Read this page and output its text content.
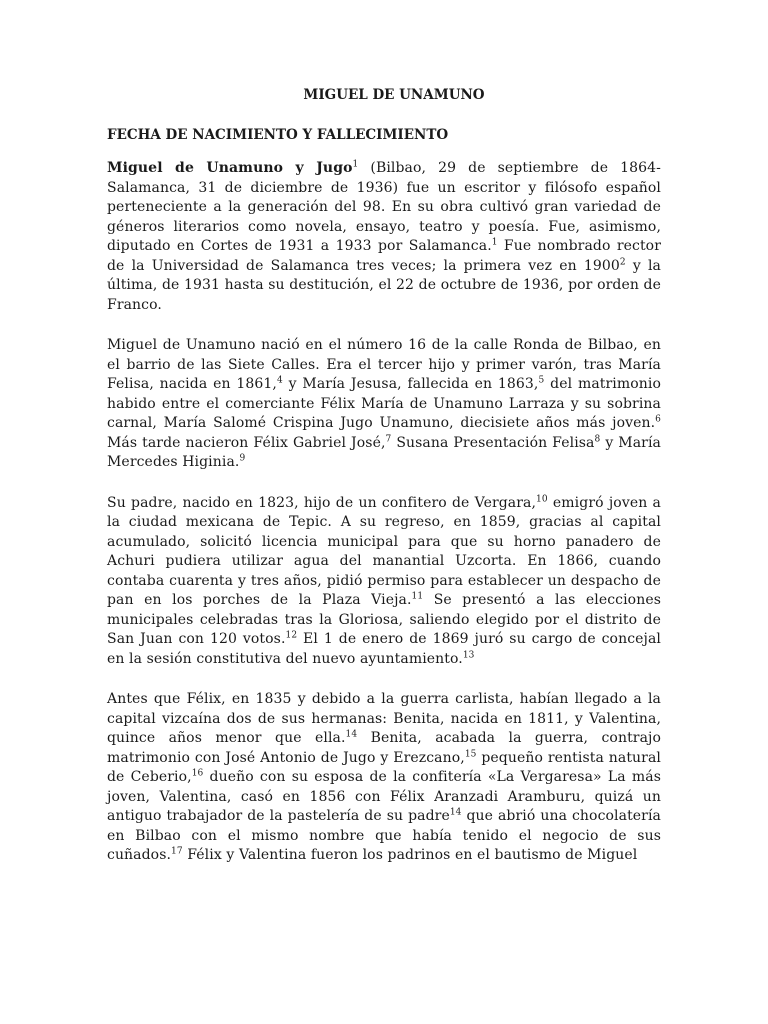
MIGUEL DE UNAMUNO
FECHA DE NACIMIENTO Y FALLECIMIENTO

Miguel de Unamuno y Jugo$^1$ (Bilbao, 29 de septiembre de 1864-Salamanca, 31 de diciembre de 1936) fue un escritor y filósofo español perteneciente a la generación del 98. En su obra cultivó gran variedad de géneros literarios como novela, ensayo, teatro y poesía. Fue, asimismo, diputado en Cortes de 1931 a 1933 por Salamanca.$^1$ Fue nombrado rector de la Universidad de Salamanca tres veces; la primera vez en 1900$^2$ y la última, de 1931 hasta su destitución, el 22 de octubre de 1936, por orden de Franco.

Miguel de Unamuno nació en el número 16 de la calle Ronda de Bilbao, en el barrio de las Siete Calles. Era el tercer hijo y primer varón, tras María Felisa, nacida en 1861,$^4$ y María Jesusa, fallecida en 1863,$^5$ del matrimonio habido entre el comerciante Félix María de Unamuno Larraza y su sobrina carnal, María Salomé Crispina Jugo Unamuno, diecisiete años más joven.$^6$ Más tarde nacieron Félix Gabriel José,$^7$ Susana Presentación Felisa$^8$ y María Mercedes Higinia.$^9$

Su padre, nacido en 1823, hijo de un confitero de Vergara,$^{10}$ emigró joven a la ciudad mexicana de Tepic. A su regreso, en 1859, gracias al capital acumulado, solicitó licencia municipal para que su horno panadero de Achuri pudiera utilizar agua del manantial Uzcorta. En 1866, cuando contaba cuarenta y tres años, pidió permiso para establecer un despacho de pan en los porches de la Plaza Vieja.$^{11}$ Se presentó a las elecciones municipales celebradas tras la Gloriosa, saliendo elegido por el distrito de San Juan con 120 votos.$^{12}$ El 1 de enero de 1869 juró su cargo de concejal en la sesión constitutiva del nuevo ayuntamiento.$^{13}$

Antes que Félix, en 1835 y debido a la guerra carlista, habían llegado a la capital vizcaína dos de sus hermanas: Benita, nacida en 1811, y Valentina, quince años menor que ella.$^{14}$ Benita, acabada la guerra, contrajo matrimonio con José Antonio de Jugo y Erezcano,$^{15}$ pequeño rentista natural de Ceberio,$^{16}$ dueño con su esposa de la confitería «La Vergaresa» La más joven, Valentina, casó en 1856 con Félix Aranzadi Aramburu, quizá un antiguo trabajador de la pastelería de su padre$^{14}$ que abrió una chocolatería en Bilbao con el mismo nombre que había tenido el negocio de sus cuñados.$^{17}$ Félix y Valentina fueron los padrinos en el bautismo de Miguel
